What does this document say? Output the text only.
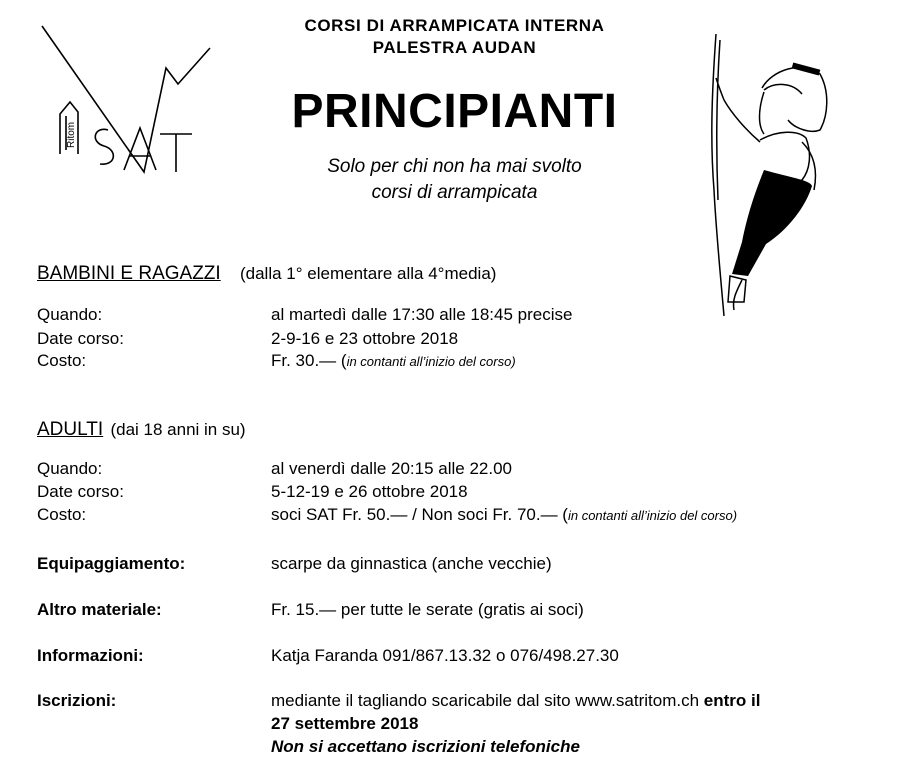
Ritom
CORSI DI ARRAMPICATA INTERNA
PALESTRA AUDAN
PRINCIPIANTI
Solo per chi non ha mai svolto
corsi di arrampicata
BAMBINI E RAGAZZI (dalla 1° elementare alla 4°media)
Quando:	al martedì dalle 17:30 alle 18:45 precise
Date corso:	2-9-16 e 23 ottobre 2018
Costo:	Fr. 30.— (in contanti all’inizio del corso)
ADULTI (dai 18 anni in su)
Quando:	al venerdì dalle 20:15 alle 22.00
Date corso:	5-12-19 e 26 ottobre 2018
Costo:	soci SAT Fr. 50.— / Non soci Fr. 70.— (in contanti all’inizio del corso)
Equipaggiamento:	scarpe da ginnastica (anche vecchie)
Altro materiale:	Fr. 15.— per tutte le serate (gratis ai soci)
Informazioni:	Katja Faranda 091/867.13.32 o 076/498.27.30
Iscrizioni:	mediante il tagliando scaricabile dal sito www.satritom.ch entro il
27 settembre 2018
Non si accettano iscrizioni telefoniche
